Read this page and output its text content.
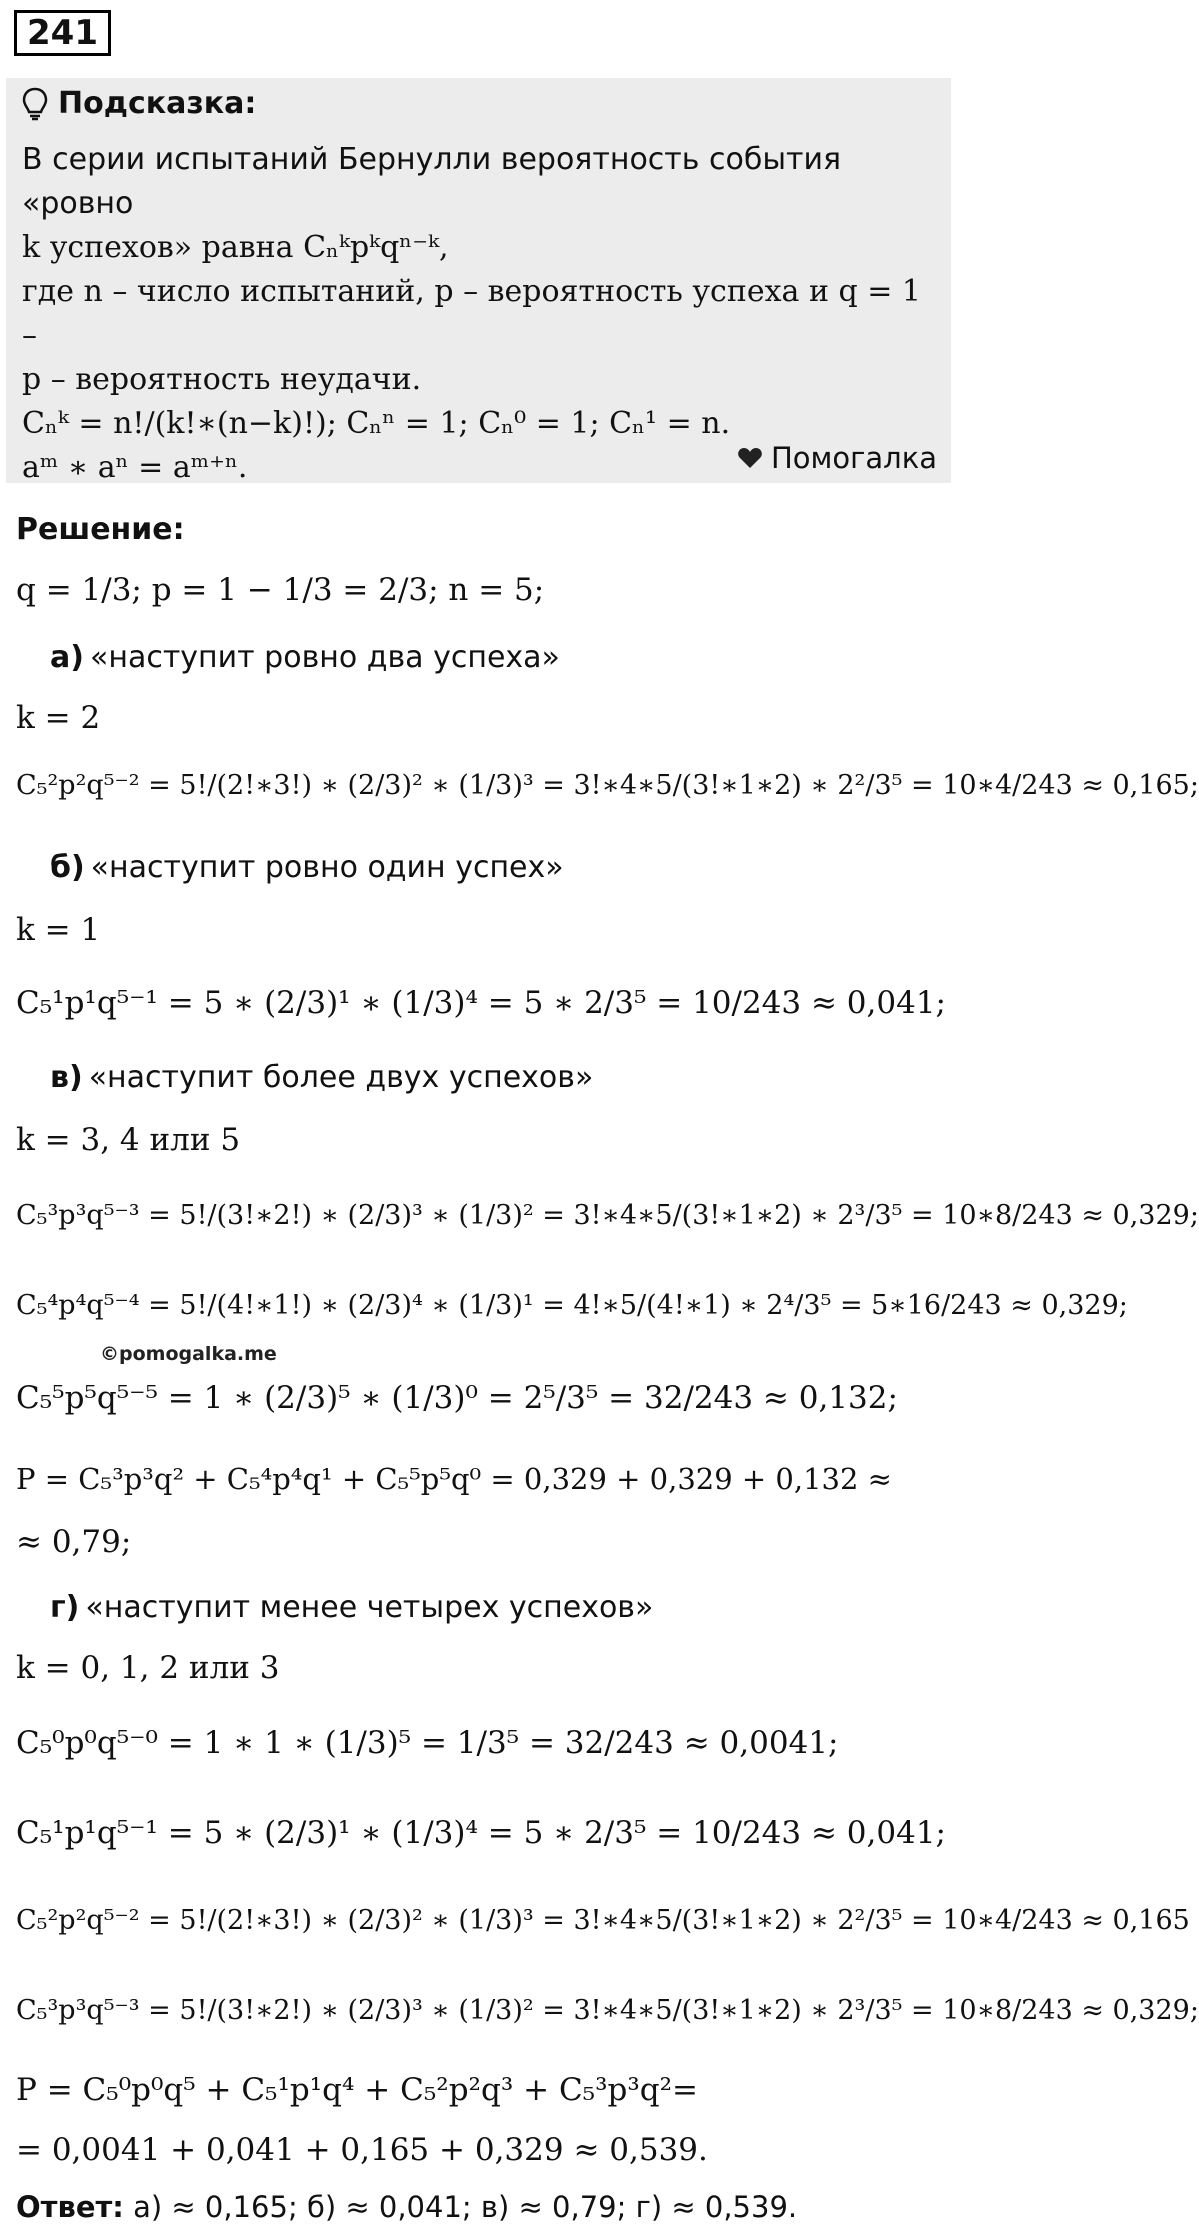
241
Подсказка:
В серии испытаний Бернулли вероятность события «ровно
k успехов» равна Cₙᵏpᵏqⁿ⁻ᵏ,
где n – число испытаний, p – вероятность успеха и q = 1 –
p – вероятность неудачи.
Cₙᵏ = n!/(k!∗(n−k)!); Cₙⁿ = 1; Cₙ⁰ = 1; Cₙ¹ = n.
aᵐ ∗ aⁿ = aᵐ⁺ⁿ.	Помогалка
Решение:
q = 1/3; p = 1 − 1/3 = 2/3; n = 5;
а) «наступит ровно два успеха»
k = 2
C₅²p²q⁵⁻² = 5!/(2!∗3!) ∗ (2/3)² ∗ (1/3)³ = 3!∗4∗5/(3!∗1∗2) ∗ 2²/3⁵ = 10∗4/243 ≈ 0,165;
б) «наступит ровно один успех»
k = 1
C₅¹p¹q⁵⁻¹ = 5 ∗ (2/3)¹ ∗ (1/3)⁴ = 5 ∗ 2/3⁵ = 10/243 ≈ 0,041;
в) «наступит более двух успехов»
k = 3, 4 или 5
C₅³p³q⁵⁻³ = 5!/(3!∗2!) ∗ (2/3)³ ∗ (1/3)² = 3!∗4∗5/(3!∗1∗2) ∗ 2³/3⁵ = 10∗8/243 ≈ 0,329;
C₅⁴p⁴q⁵⁻⁴ = 5!/(4!∗1!) ∗ (2/3)⁴ ∗ (1/3)¹ = 4!∗5/(4!∗1) ∗ 2⁴/3⁵ = 5∗16/243 ≈ 0,329;
©pomogalka.me
C₅⁵p⁵q⁵⁻⁵ = 1 ∗ (2/3)⁵ ∗ (1/3)⁰ = 2⁵/3⁵ = 32/243 ≈ 0,132;
P = C₅³p³q² + C₅⁴p⁴q¹ + C₅⁵p⁵q⁰ = 0,329 + 0,329 + 0,132 ≈
≈ 0,79;
г) «наступит менее четырех успехов»
k = 0, 1, 2 или 3
C₅⁰p⁰q⁵⁻⁰ = 1 ∗ 1 ∗ (1/3)⁵ = 1/3⁵ = 32/243 ≈ 0,0041;
C₅¹p¹q⁵⁻¹ = 5 ∗ (2/3)¹ ∗ (1/3)⁴ = 5 ∗ 2/3⁵ = 10/243 ≈ 0,041;
C₅²p²q⁵⁻² = 5!/(2!∗3!) ∗ (2/3)² ∗ (1/3)³ = 3!∗4∗5/(3!∗1∗2) ∗ 2²/3⁵ = 10∗4/243 ≈ 0,165
C₅³p³q⁵⁻³ = 5!/(3!∗2!) ∗ (2/3)³ ∗ (1/3)² = 3!∗4∗5/(3!∗1∗2) ∗ 2³/3⁵ = 10∗8/243 ≈ 0,329;
P = C₅⁰p⁰q⁵ + C₅¹p¹q⁴ + C₅²p²q³ + C₅³p³q²=
= 0,0041 + 0,041 + 0,165 + 0,329 ≈ 0,539.
Ответ: а) ≈ 0,165; б) ≈ 0,041; в) ≈ 0,79; г) ≈ 0,539.
